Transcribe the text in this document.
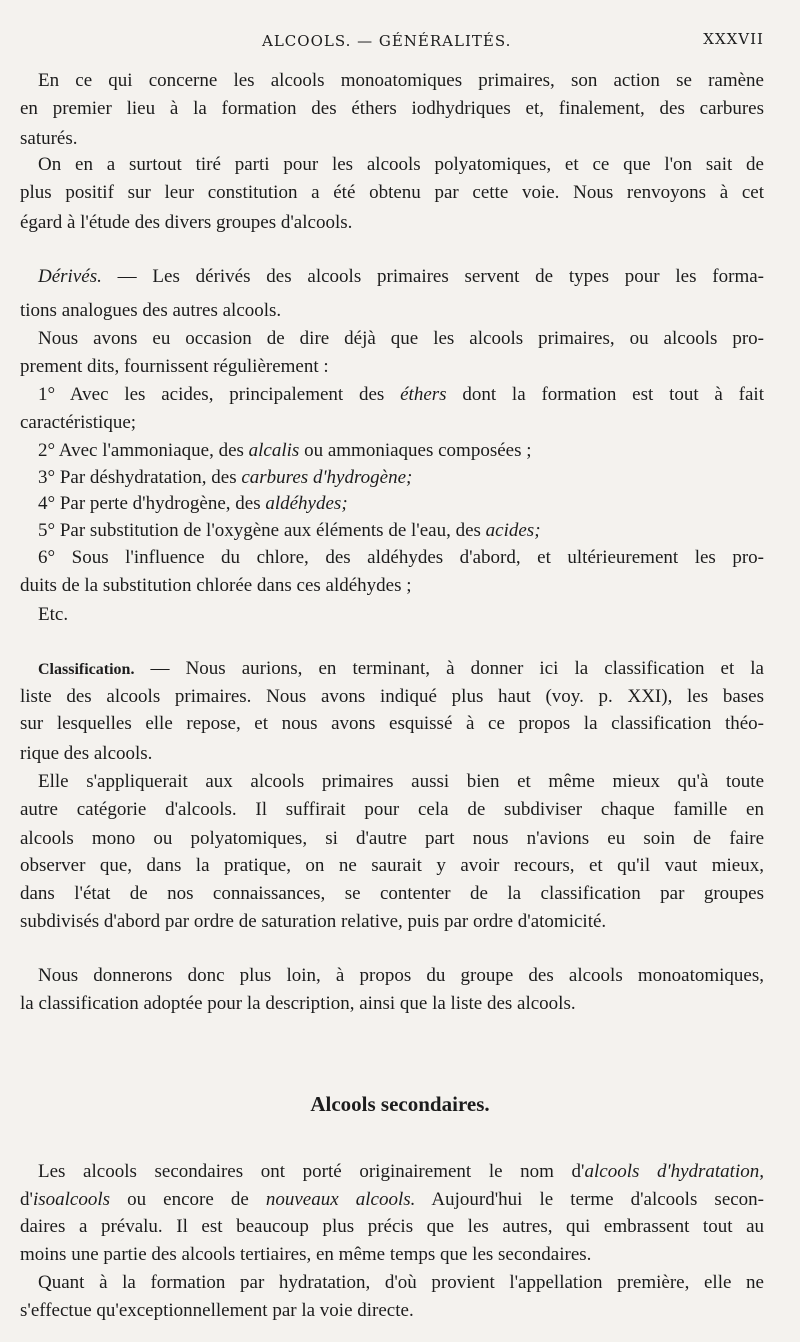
ALCOOLS. — GÉNÉRALITÉS.	XXXVII
En ce qui concerne les alcools monoatomiques primaires, son action se ramène
en premier lieu à la formation des éthers iodhydriques et, finalement, des carbures
saturés.
On en a surtout tiré parti pour les alcools polyatomiques, et ce que l'on sait de
plus positif sur leur constitution a été obtenu par cette voie. Nous renvoyons à cet
égard à l'étude des divers groupes d'alcools.
Dérivés. — Les dérivés des alcools primaires servent de types pour les forma-
tions analogues des autres alcools.
Nous avons eu occasion de dire déjà que les alcools primaires, ou alcools pro-
prement dits, fournissent régulièrement :
1° Avec les acides, principalement des éthers dont la formation est tout à fait
caractéristique;
2° Avec l'ammoniaque, des alcalis ou ammoniaques composées ;
3° Par déshydratation, des carbures d'hydrogène;
4° Par perte d'hydrogène, des aldéhydes;
5° Par substitution de l'oxygène aux éléments de l'eau, des acides;
6° Sous l'influence du chlore, des aldéhydes d'abord, et ultérieurement les pro-
duits de la substitution chlorée dans ces aldéhydes ;
Etc.
Classification. — Nous aurions, en terminant, à donner ici la classification et la
liste des alcools primaires. Nous avons indiqué plus haut (voy. p. XXI), les bases
sur lesquelles elle repose, et nous avons esquissé à ce propos la classification théo-
rique des alcools.
Elle s'appliquerait aux alcools primaires aussi bien et même mieux qu'à toute
autre catégorie d'alcools. Il suffirait pour cela de subdiviser chaque famille en
alcools mono ou polyatomiques, si d'autre part nous n'avions eu soin de faire
observer que, dans la pratique, on ne saurait y avoir recours, et qu'il vaut mieux,
dans l'état de nos connaissances, se contenter de la classification par groupes
subdivisés d'abord par ordre de saturation relative, puis par ordre d'atomicité.
Nous donnerons donc plus loin, à propos du groupe des alcools monoatomiques,
la classification adoptée pour la description, ainsi que la liste des alcools.
Alcools secondaires.
Les alcools secondaires ont porté originairement le nom d'alcools d'hydratation,
d'isoalcools ou encore de nouveaux alcools. Aujourd'hui le terme d'alcools secon-
daires a prévalu. Il est beaucoup plus précis que les autres, qui embrassent tout au
moins une partie des alcools tertiaires, en même temps que les secondaires.
Quant à la formation par hydratation, d'où provient l'appellation première, elle ne
s'effectue qu'exceptionnellement par la voie directe.
